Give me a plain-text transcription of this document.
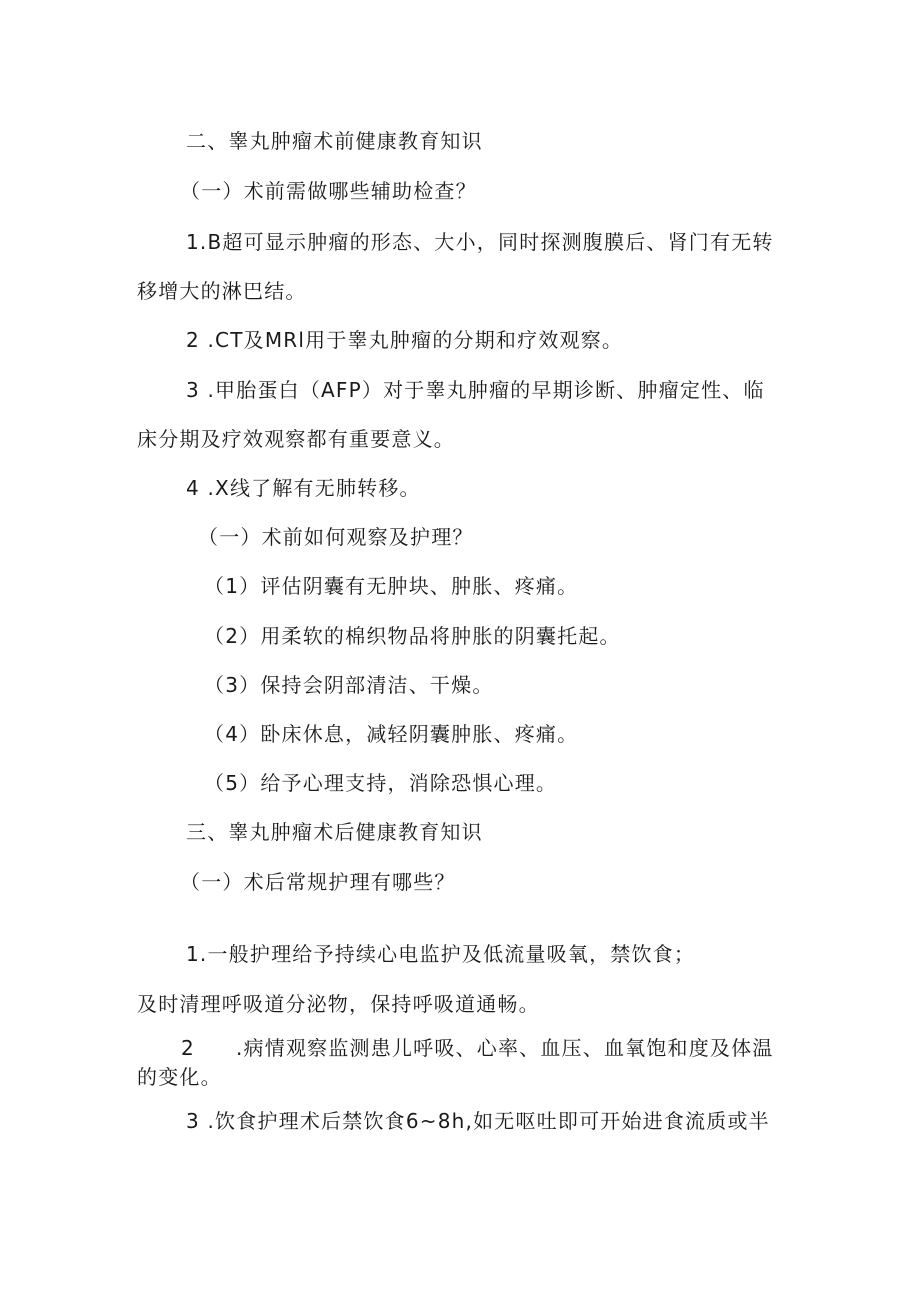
二、睾丸肿瘤术前健康教育知识
（一）术前需做哪些辅助检查？
1.B超可显示肿瘤的形态、大小，同时探测腹膜后、肾门有无转
移增大的淋巴结。
2 .CT及MRl用于睾丸肿瘤的分期和疗效观察。
3 .甲胎蛋白（AFP）对于睾丸肿瘤的早期诊断、肿瘤定性、临
床分期及疗效观察都有重要意义。
4 .X线了解有无肺转移。
（一）术前如何观察及护理？
（1）评估阴囊有无肿块、肿胀、疼痛。
（2）用柔软的棉织物品将肿胀的阴囊托起。
（3）保持会阴部清洁、干燥。
（4）卧床休息，减轻阴囊肿胀、疼痛。
（5）给予心理支持，消除恐惧心理。
三、睾丸肿瘤术后健康教育知识
（一）术后常规护理有哪些？
1.一般护理给予持续心电监护及低流量吸氧，禁饮食；
及时清理呼吸道分泌物，保持呼吸道通畅。
2 .病情观察监测患儿呼吸、心率、血压、血氧饱和度及体温
的变化。
3 .饮食护理术后禁饮食6~8h,如无呕吐即可开始进食流质或半
